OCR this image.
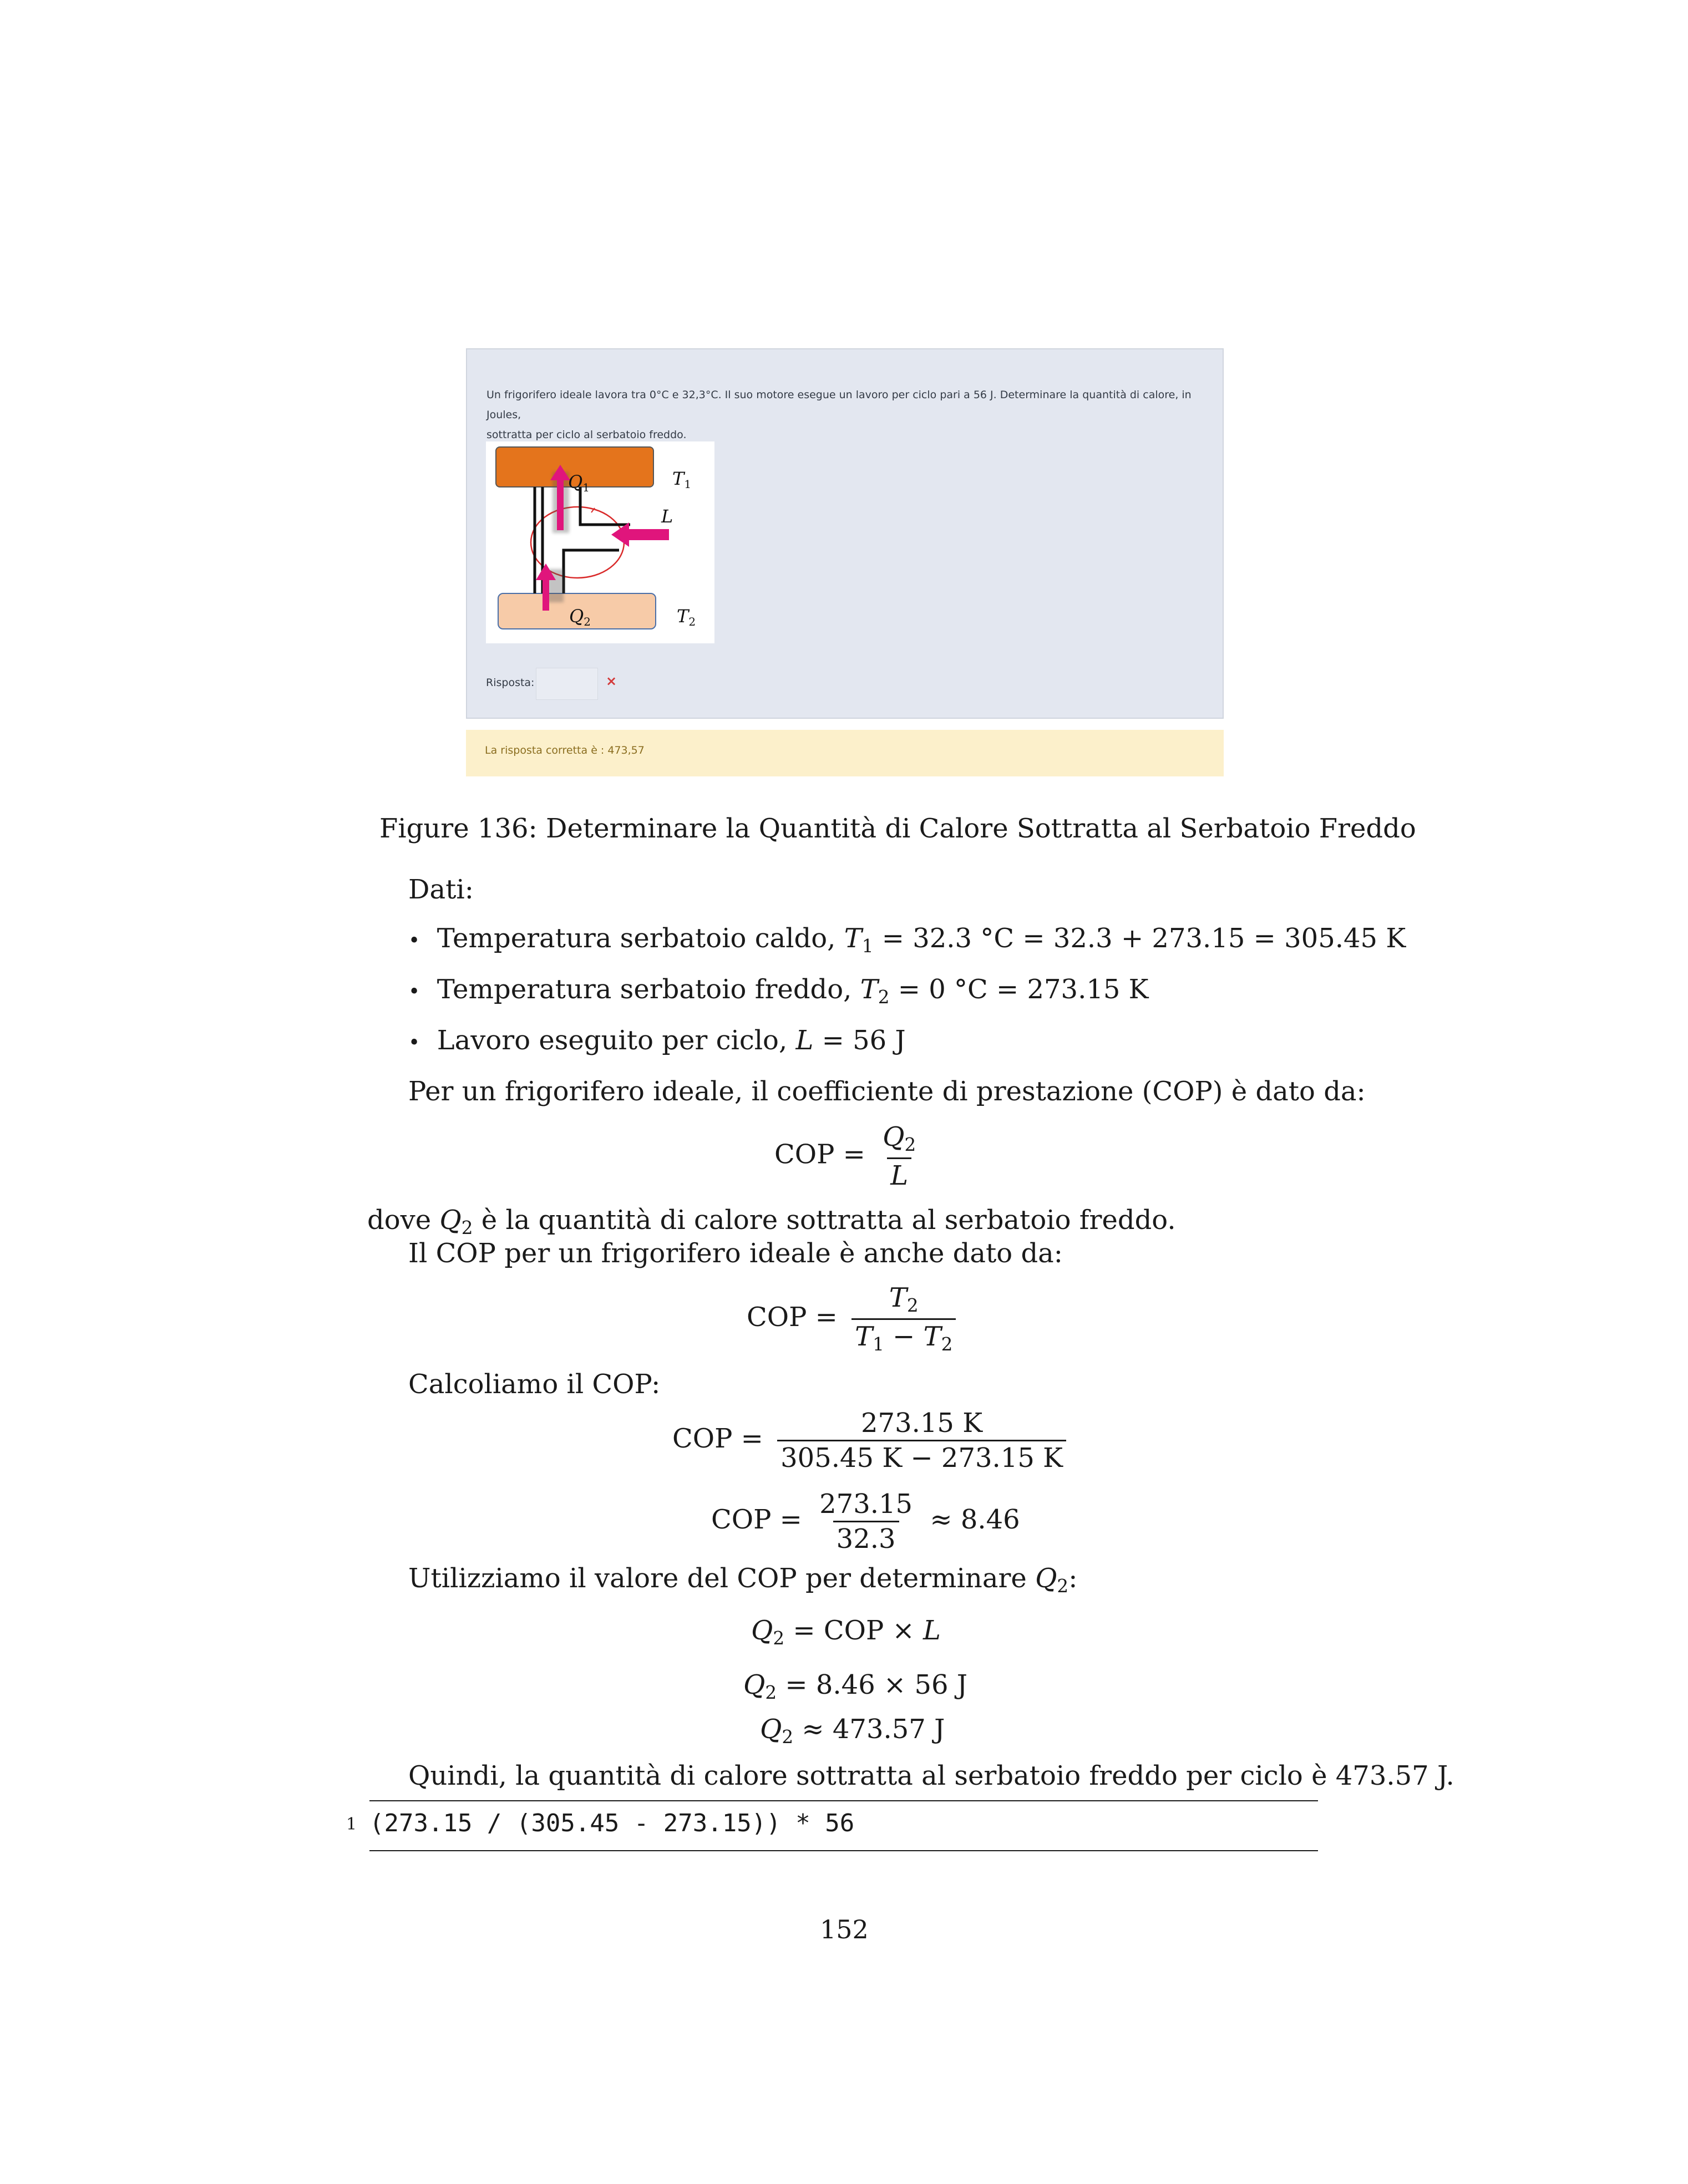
Un frigorifero ideale lavora tra 0°C e 32,3°C. Il suo motore esegue un lavoro per ciclo pari a 56 J. Determinare la quantità di calore, in Joules,
sottratta per ciclo al serbatoio freddo.
Q1	T1
L
Q2	T2
Risposta:	×
La risposta corretta è : 473,57
Figure 136: Determinare la Quantità di Calore Sottratta al Serbatoio Freddo
Dati:
• Temperatura serbatoio caldo, $T_1 = 32.3$ °C = 32.3 + 273.15 = 305.45 K
• Temperatura serbatoio freddo, $T_2 = 0$ °C = 273.15 K
• Lavoro eseguito per ciclo, L = 56 J
Per un frigorifero ideale, il coefficiente di prestazione (COP) è dato da:
COP = $\frac{Q_2}{L}$
dove $Q_2$ è la quantità di calore sottratta al serbatoio freddo.
Il COP per un frigorifero ideale è anche dato da:
COP = $\frac{T_2}{T_1 - T_2}$
Calcoliamo il COP:
COP = $\frac{273.15 K}{305.45 K - 273.15 K}$
COP = $\frac{273.15}{32.3} \approx 8.46$
Utilizziamo il valore del COP per determinare $Q_2$:
$Q_2$ = COP × L
$Q_2 = 8.46 \times 56$ J
$Q_2 \approx 473.57$ J
Quindi, la quantità di calore sottratta al serbatoio freddo per ciclo è 473.57 J.
1 (273.15 / (305.45 - 273.15)) * 56
152
